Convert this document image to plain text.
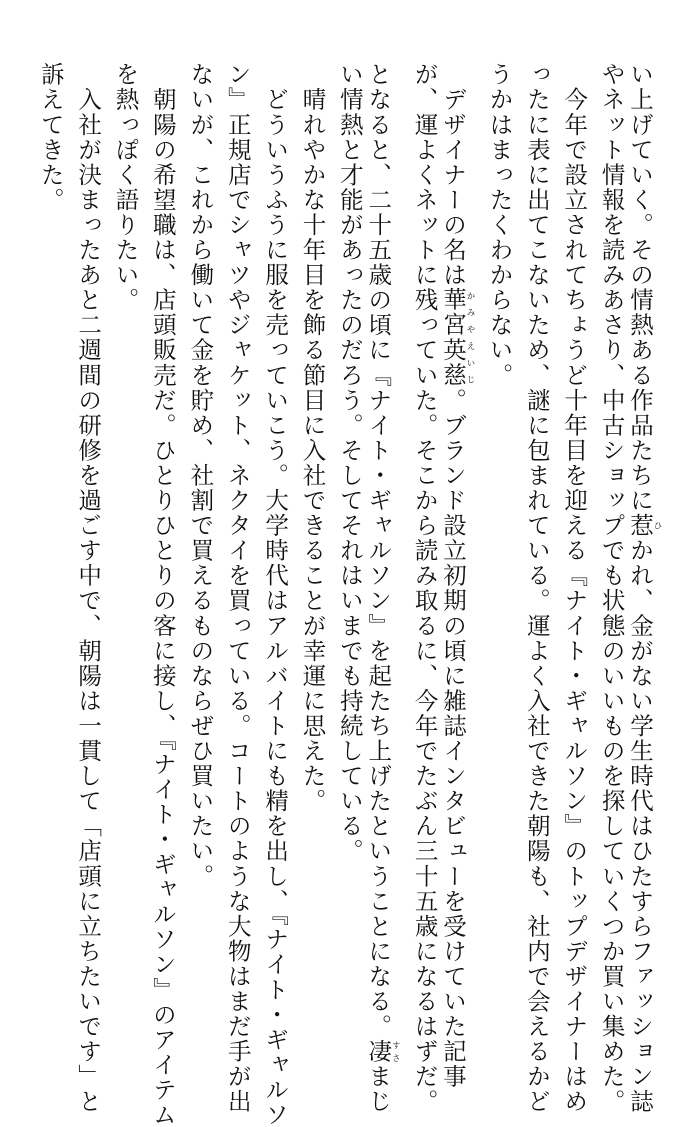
い上げていく。その情熱ある作品たちに惹ひかれ、金がない学生時代はひたすらファッション誌
やネット情報を読みあさり、中古ショップでも状態のいいものを探していくつか買い集めた。
　今年で設立されてちょうど十年目を迎える『ナイト・ギャルソン』のトップデザイナーはめ
ったに表に出てこないため、謎に包まれている。運よく入社できた朝陽も、社内で会えるかど
うかはまったくわからない。
　デザイナーの名は華宮英慈かみやえいじ。ブランド設立初期の頃に雑誌インタビューを受けていた記事
が、運よくネットに残っていた。そこから読み取るに、今年でたぶん三十五歳になるはずだ。
となると、二十五歳の頃に『ナイト・ギャルソン』を起たち上げたということになる。凄すさまじ
い情熱と才能があったのだろう。そしてそれはいまでも持続している。
　晴れやかな十年目を飾る節目に入社できることが幸運に思えた。
　どういうふうに服を売っていこう。大学時代はアルバイトにも精を出し、『ナイト・ギャルソ
ン』正規店でシャツやジャケット、ネクタイを買っている。コートのような大物はまだ手が出
ないが、これから働いて金を貯め、社割で買えるものならぜひ買いたい。
　朝陽の希望職は、店頭販売だ。ひとりひとりの客に接し、『ナイト・ギャルソン』のアイテム
を熱っぽく語りたい。
　入社が決まったあと二週間の研修を過ごす中で、朝陽は一貫して「店頭に立ちたいです」と
訴えてきた。
